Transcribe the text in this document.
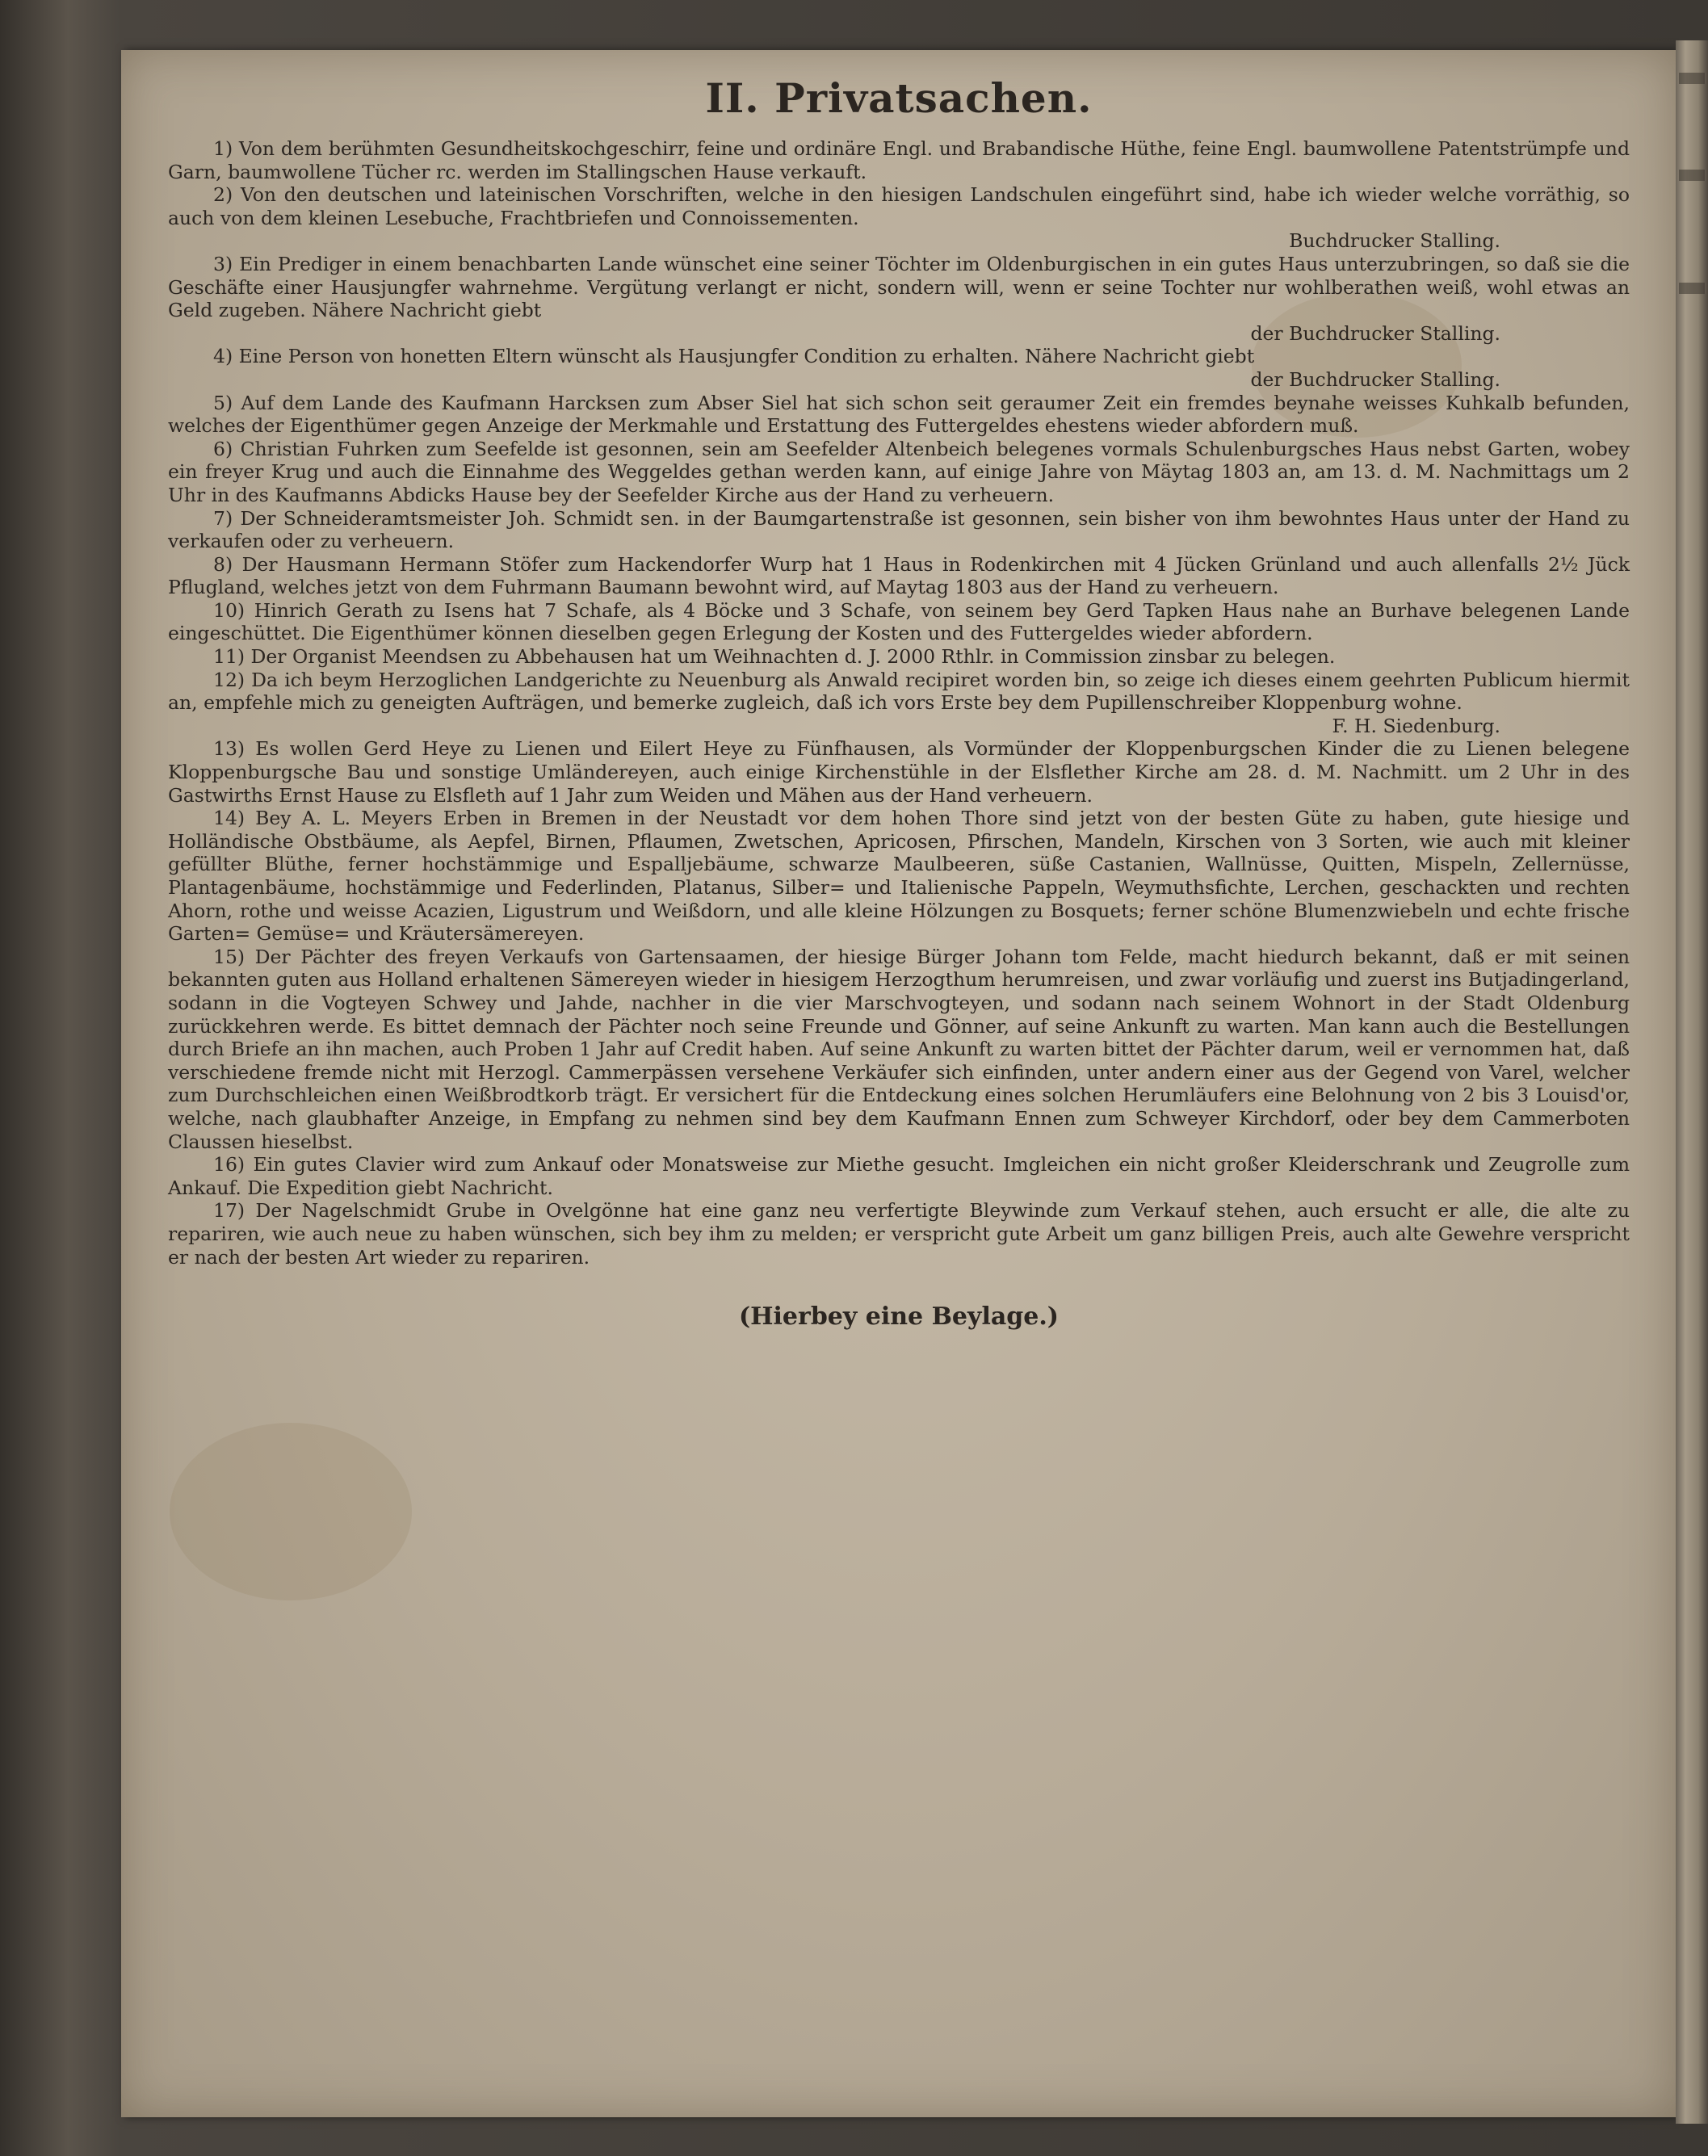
II. Privatsachen.

1) Von dem berühmten Gesundheitskochgeschirr, feine und ordinäre Engl. und Brabandische Hüthe, feine Engl. baumwollene Patentstrümpfe und Garn, baumwollene Tücher rc. werden im Stallingschen Hause verkauft.

2) Von den deutschen und lateinischen Vorschriften, welche in den hiesigen Landschulen eingeführt sind, habe ich wieder welche vorräthig, so auch von dem kleinen Lesebuche, Frachtbriefen und Connoissementen.
Buchdrucker Stalling.

3) Ein Prediger in einem benachbarten Lande wünschet eine seiner Töchter im Oldenburgischen in ein gutes Haus unterzubringen, so daß sie die Geschäfte einer Hausjungfer wahrnehme. Vergütung verlangt er nicht, sondern will, wenn er seine Tochter nur wohlberathen weiß, wohl etwas an Geld zugeben. Nähere Nachricht giebt
der Buchdrucker Stalling.

4) Eine Person von honetten Eltern wünscht als Hausjungfer Condition zu erhalten. Nähere Nachricht giebt
der Buchdrucker Stalling.

5) Auf dem Lande des Kaufmann Harcksen zum Abser Siel hat sich schon seit geraumer Zeit ein fremdes beynahe weisses Kuhkalb befunden, welches der Eigenthümer gegen Anzeige der Merkmahle und Erstattung des Futtergeldes ehestens wieder abfordern muß.

6) Christian Fuhrken zum Seefelde ist gesonnen, sein am Seefelder Altenbeich belegenes vormals Schulenburgsches Haus nebst Garten, wobey ein freyer Krug und auch die Einnahme des Weggeldes gethan werden kann, auf einige Jahre von Mäytag 1803 an, am 13. d. M. Nachmittags um 2 Uhr in des Kaufmanns Abdicks Hause bey der Seefelder Kirche aus der Hand zu verheuern.

7) Der Schneideramtsmeister Joh. Schmidt sen. in der Baumgartenstraße ist gesonnen, sein bisher von ihm bewohntes Haus unter der Hand zu verkaufen oder zu verheuern.

8) Der Hausmann Hermann Stöfer zum Hackendorfer Wurp hat 1 Haus in Rodenkirchen mit 4 Jücken Grünland und auch allenfalls 2½ Jück Pflugland, welches jetzt von dem Fuhrmann Baumann bewohnt wird, auf Maytag 1803 aus der Hand zu verheuern.

10) Hinrich Gerath zu Isens hat 7 Schafe, als 4 Böcke und 3 Schafe, von seinem bey Gerd Tapken Haus nahe an Burhave belegenen Lande eingeschüttet. Die Eigenthümer können dieselben gegen Erlegung der Kosten und des Futtergeldes wieder abfordern.

11) Der Organist Meendsen zu Abbehausen hat um Weihnachten d. J. 2000 Rthlr. in Commission zinsbar zu belegen.

12) Da ich beym Herzoglichen Landgerichte zu Neuenburg als Anwald recipiret worden bin, so zeige ich dieses einem geehrten Publicum hiermit an, empfehle mich zu geneigten Aufträgen, und bemerke zugleich, daß ich vors Erste bey dem Pupillenschreiber Kloppenburg wohne.
F. H. Siedenburg.

13) Es wollen Gerd Heye zu Lienen und Eilert Heye zu Fünfhausen, als Vormünder der Kloppenburgschen Kinder die zu Lienen belegene Kloppenburgsche Bau und sonstige Umländereyen, auch einige Kirchenstühle in der Elsflether Kirche am 28. d. M. Nachmitt. um 2 Uhr in des Gastwirths Ernst Hause zu Elsfleth auf 1 Jahr zum Weiden und Mähen aus der Hand verheuern.

14) Bey A. L. Meyers Erben in Bremen in der Neustadt vor dem hohen Thore sind jetzt von der besten Güte zu haben, gute hiesige und Holländische Obstbäume, als Aepfel, Birnen, Pflaumen, Zwetschen, Apricosen, Pfirschen, Mandeln, Kirschen von 3 Sorten, wie auch mit kleiner gefüllter Blüthe, ferner hochstämmige und Espalljebäume, schwarze Maulbeeren, süße Castanien, Wallnüsse, Quitten, Mispeln, Zellernüsse, Plantagenbäume, hochstämmige und Federlinden, Platanus, Silber= und Italienische Pappeln, Weymuthsfichte, Lerchen, geschackten und rechten Ahorn, rothe und weisse Acazien, Ligustrum und Weißdorn, und alle kleine Hölzungen zu Bosquets; ferner schöne Blumenzwiebeln und echte frische Garten= Gemüse= und Kräutersämereyen.

15) Der Pächter des freyen Verkaufs von Gartensaamen, der hiesige Bürger Johann tom Felde, macht hiedurch bekannt, daß er mit seinen bekannten guten aus Holland erhaltenen Sämereyen wieder in hiesigem Herzogthum herumreisen, und zwar vorläufig und zuerst ins Butjadingerland, sodann in die Vogteyen Schwey und Jahde, nachher in die vier Marschvogteyen, und sodann nach seinem Wohnort in der Stadt Oldenburg zurückkehren werde. Es bittet demnach der Pächter noch seine Freunde und Gönner, auf seine Ankunft zu warten. Man kann auch die Bestellungen durch Briefe an ihn machen, auch Proben 1 Jahr auf Credit haben. Auf seine Ankunft zu warten bittet der Pächter darum, weil er vernommen hat, daß verschiedene fremde nicht mit Herzogl. Cammerpässen versehene Verkäufer sich einfinden, unter andern einer aus der Gegend von Varel, welcher zum Durchschleichen einen Weißbrodtkorb trägt. Er versichert für die Entdeckung eines solchen Herumläufers eine Belohnung von 2 bis 3 Louisd'or, welche, nach glaubhafter Anzeige, in Empfang zu nehmen sind bey dem Kaufmann Ennen zum Schweyer Kirchdorf, oder bey dem Cammerboten Claussen hieselbst.

16) Ein gutes Clavier wird zum Ankauf oder Monatsweise zur Miethe gesucht. Imgleichen ein nicht großer Kleiderschrank und Zeugrolle zum Ankauf. Die Expedition giebt Nachricht.

17) Der Nagelschmidt Grube in Ovelgönne hat eine ganz neu verfertigte Bleywinde zum Verkauf stehen, auch ersucht er alle, die alte zu repariren, wie auch neue zu haben wünschen, sich bey ihm zu melden; er verspricht gute Arbeit um ganz billigen Preis, auch alte Gewehre verspricht er nach der besten Art wieder zu repariren.

(Hierbey eine Beylage.)
